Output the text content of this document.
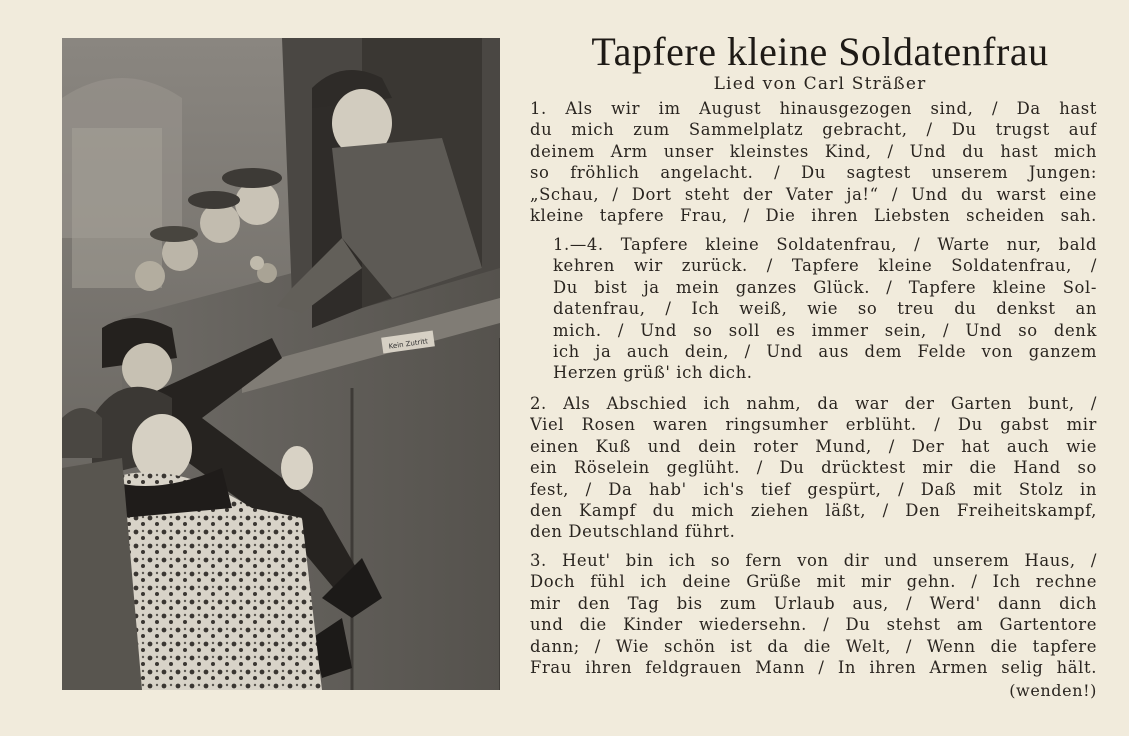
Kein Zutritt
Tapfere kleine Soldatenfrau
Lied von Carl Sträßer
1. Als wir im August hinausgezogen sind, / Da hast
du mich zum Sammelplatz gebracht, / Du trugst auf
deinem Arm unser kleinstes Kind, / Und du hast mich
so fröhlich angelacht. / Du sagtest unserem Jungen:
„Schau, / Dort steht der Vater ja!“ / Und du warst eine
kleine tapfere Frau, / Die ihren Liebsten scheiden sah.
1.—4. Tapfere kleine Soldatenfrau, / Warte nur, bald
kehren wir zurück. / Tapfere kleine Soldatenfrau, /
Du bist ja mein ganzes Glück. / Tapfere kleine Sol-
datenfrau, / Ich weiß, wie so treu du denkst an
mich. / Und so soll es immer sein, / Und so denk
ich ja auch dein, / Und aus dem Felde von ganzem
Herzen grüß' ich dich.
2. Als Abschied ich nahm, da war der Garten bunt, /
Viel Rosen waren ringsumher erblüht. / Du gabst mir
einen Kuß und dein roter Mund, / Der hat auch wie
ein Röselein geglüht. / Du drücktest mir die Hand so
fest, / Da hab' ich's tief gespürt, / Daß mit Stolz in
den Kampf du mich ziehen läßt, / Den Freiheitskampf,
den Deutschland führt.
3. Heut' bin ich so fern von dir und unserem Haus, /
Doch fühl ich deine Grüße mit mir gehn. / Ich rechne
mir den Tag bis zum Urlaub aus, / Werd' dann dich
und die Kinder wiedersehn. / Du stehst am Gartentore
dann; / Wie schön ist da die Welt, / Wenn die tapfere
Frau ihren feldgrauen Mann / In ihren Armen selig hält.
(wenden!)
